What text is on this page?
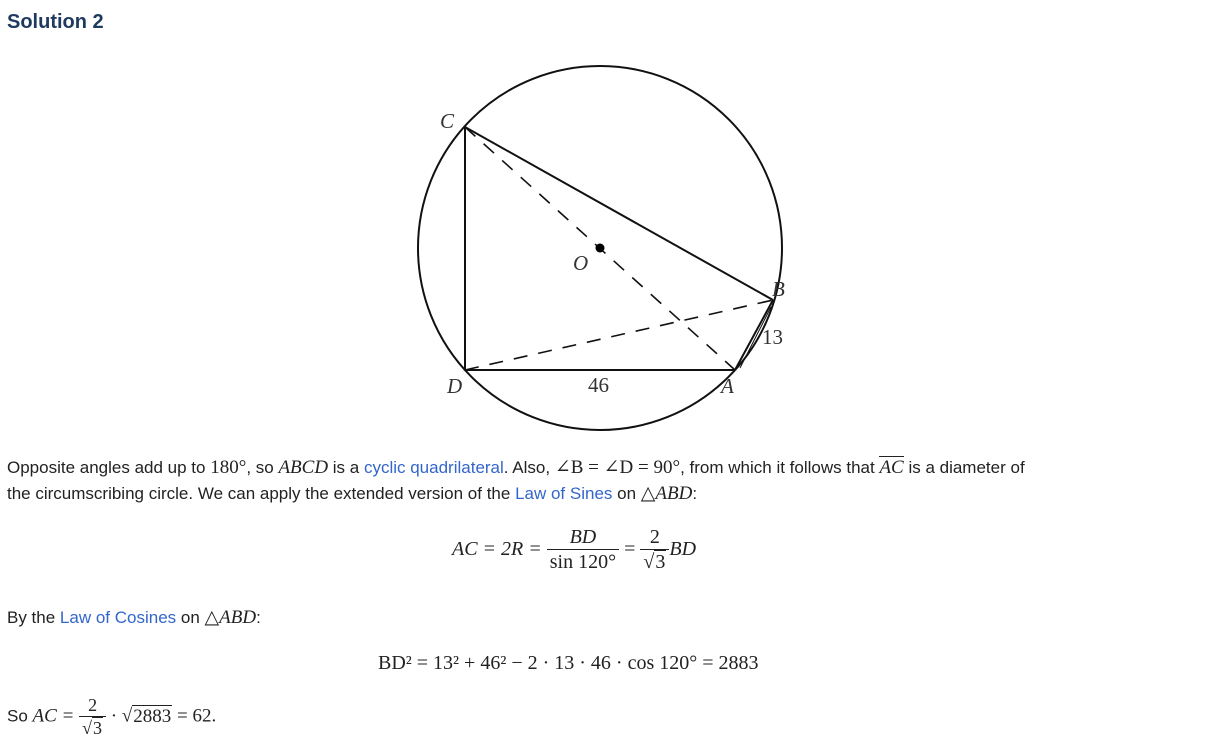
Solution 2
C
O
B
D	A
46
13
Opposite angles add up to 180°, so ABCD is a cyclic quadrilateral. Also, ∠B = ∠D = 90°, from which it follows that AC is a diameter of
the circumscribing circle. We can apply the extended version of the Law of Sines on △ABD:
AC = $2R = \frac{BD}{\sin 120^\circ} = \frac{2}{√3}$ BD
By the Law of Cosines on △ABD:
BD² = 13² + 46² − 2 · 13 · 46 · cos 120° = 2883
So AC = $\frac{2}{√3} \cdot √2883 = 62$.
